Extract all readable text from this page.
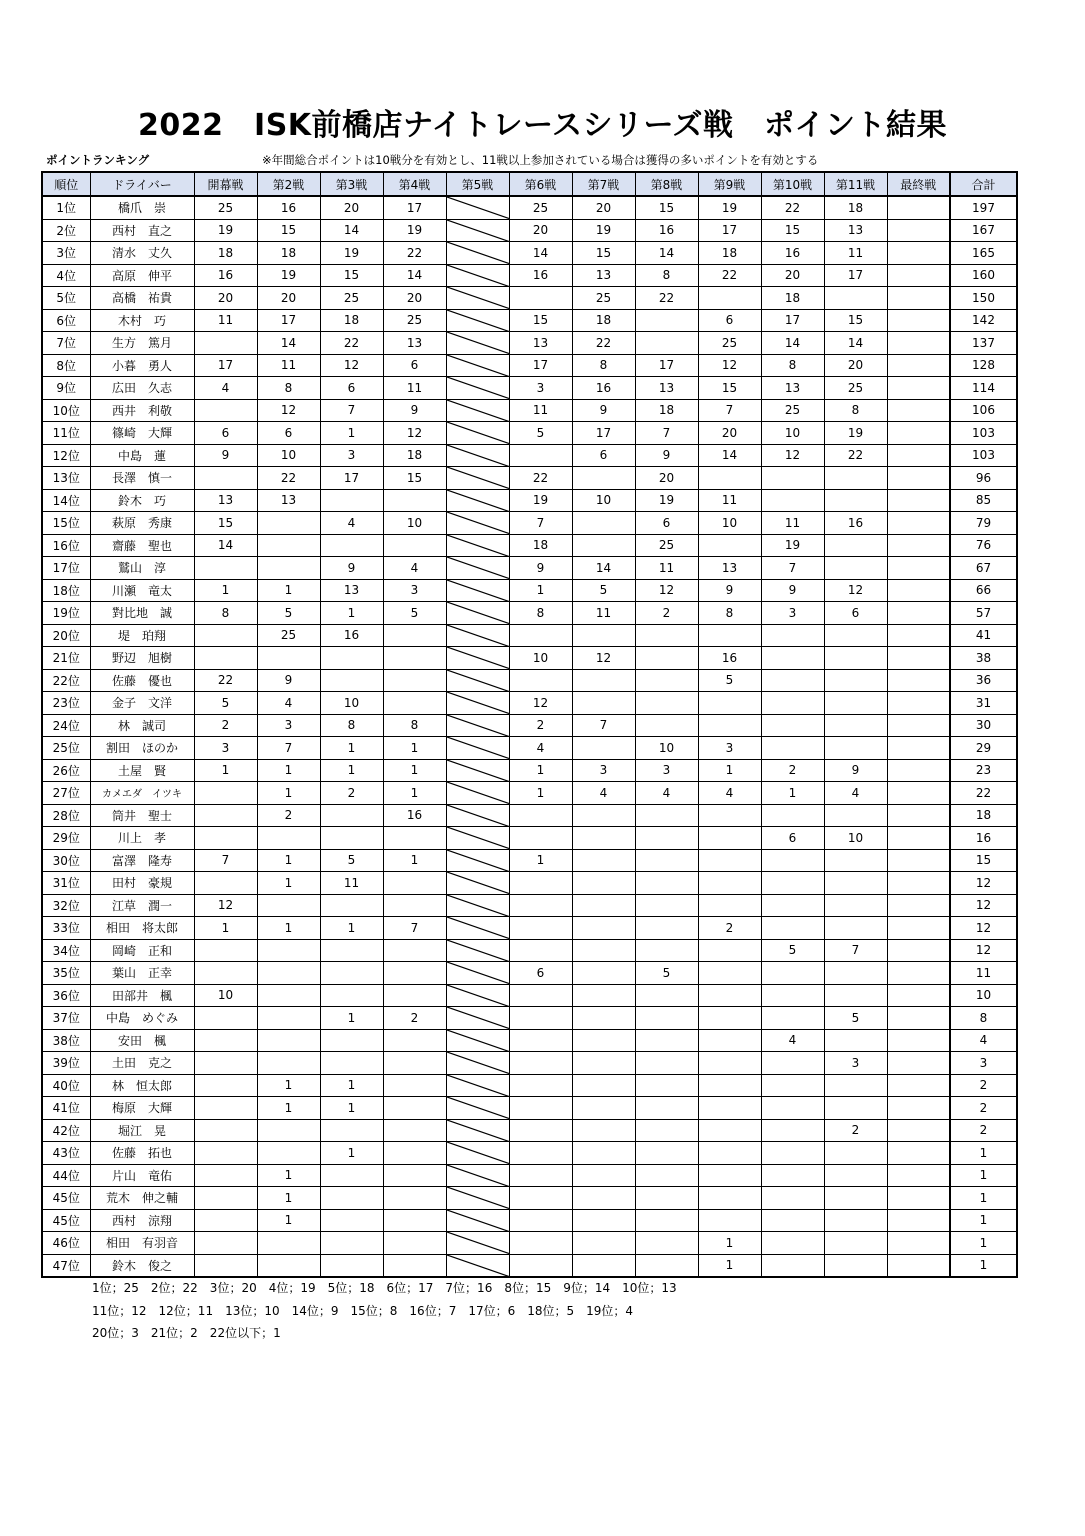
2022　ISK前橋店ナイトレースシリーズ戦　ポイント結果
ポイントランキング	※年間総合ポイントは10戦分を有効とし、11戦以上参加されている場合は獲得の多いポイントを有効とする
順位	ドライバー	開幕戦	第2戦	第3戦	第4戦	第5戦	第6戦	第7戦	第8戦	第9戦	第10戦	第11戦	最終戦	合計
1位	橋爪　崇	25	16	20	17		25	20	15	19	22	18		197
2位	西村　直之	19	15	14	19		20	19	16	17	15	13		167
3位	清水　丈久	18	18	19	22		14	15	14	18	16	11		165
4位	高原　伸平	16	19	15	14		16	13	8	22	20	17		160
5位	高橋　祐貴	20	20	25	20			25	22		18			150
6位	木村　巧	11	17	18	25		15	18		6	17	15		142
7位	生方　篤月		14	22	13		13	22		25	14	14		137
8位	小暮　勇人	17	11	12	6		17	8	17	12	8	20		128
9位	広田　久志	4	8	6	11		3	16	13	15	13	25		114
10位	西井　利敬		12	7	9		11	9	18	7	25	8		106
11位	篠崎　大輝	6	6	1	12		5	17	7	20	10	19		103
12位	中島　蓮	9	10	3	18			6	9	14	12	22		103
13位	長澤　慎一		22	17	15		22		20					96
14位	鈴木　巧	13	13				19	10	19	11				85
15位	萩原　秀康	15		4	10		7		6	10	11	16		79
16位	齋藤　聖也	14					18		25		19			76
17位	鷲山　淳			9	4		9	14	11	13	7			67
18位	川瀬　竜太	1	1	13	3		1	5	12	9	9	12		66
19位	對比地　誠	8	5	1	5		8	11	2	8	3	6		57
20位	堤　珀翔		25	16										41
21位	野辺　旭樹						10	12		16				38
22位	佐藤　優也	22	9							5				36
23位	金子　文洋	5	4	10			12							31
24位	林　誠司	2	3	8	8		2	7						30
25位	割田　ほのか	3	7	1	1		4		10	3				29
26位	土屋　賢	1	1	1	1		1	3	3	1	2	9		23
27位	カメエダ　イツキ		1	2	1		1	4	4	4	1	4		22
28位	筒井　聖士		2		16									18
29位	川上　孝										6	10		16
30位	富澤　隆寿	7	1	5	1		1							15
31位	田村　豪規		1	11										12
32位	江草　潤一	12												12
33位	相田　将太郎	1	1	1	7					2				12
34位	岡崎　正和										5	7		12
35位	葉山　正幸						6		5					11
36位	田部井　楓	10												10
37位	中島　めぐみ			1	2							5		8
38位	安田　楓										4			4
39位	土田　克之											3		3
40位	林　恒太郎		1	1										2
41位	梅原　大輝		1	1										2
42位	堀江　晃											2		2
43位	佐藤　拓也			1										1
44位	片山　竜佑		1											1
45位	荒木　伸之輔		1											1
45位	西村　涼翔		1											1
46位	相田　有羽音									1				1
47位	鈴木　俊之									1				1
1位；25　2位；22　3位；20　4位；19　5位；18　6位；17　7位；16　8位；15　9位；14　10位；13
11位；12　12位；11　13位；10　14位；9　15位；8　16位；7　17位；6　18位；5　19位；4
20位；3　21位；2　22位以下；1
